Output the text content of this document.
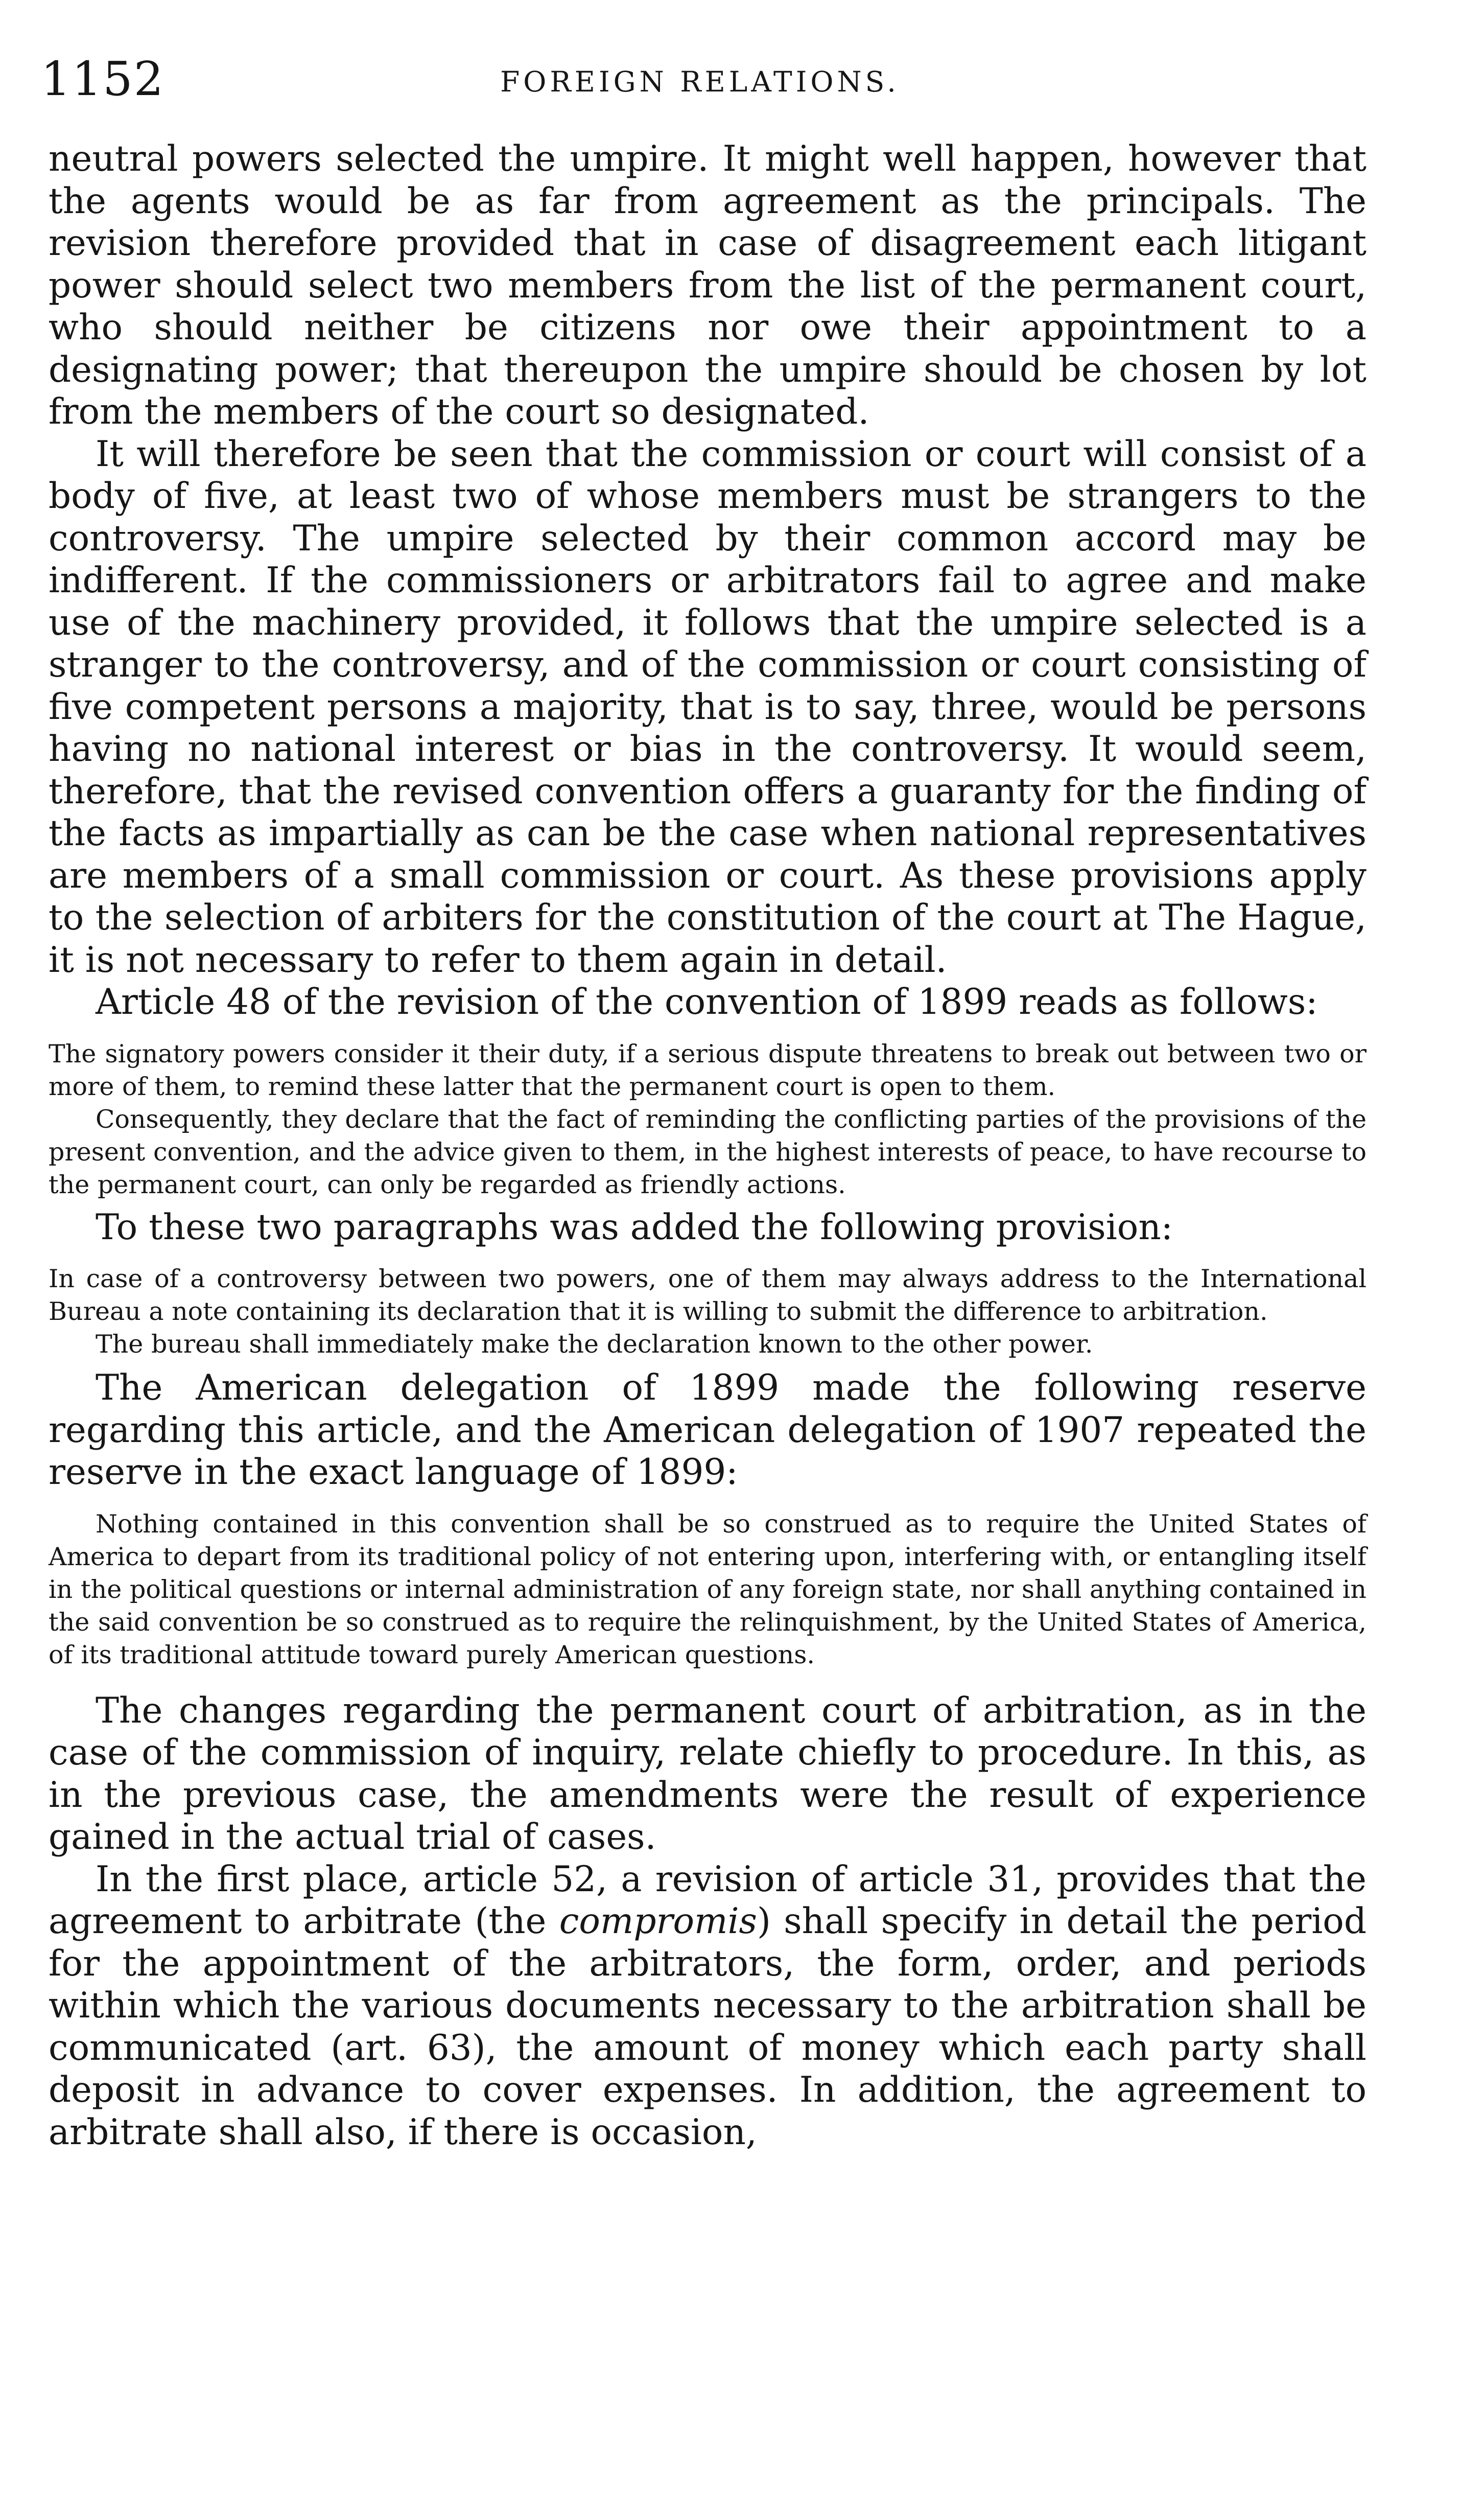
1152	FOREIGN RELATIONS.

neutral powers selected the umpire. It might well happen, however that the agents would be as far from agreement as the principals. The revision therefore provided that in case of disagreement each litigant power should select two members from the list of the permanent court, who should neither be citizens nor owe their appointment to a designating power; that thereupon the umpire should be chosen by lot from the members of the court so designated.

It will therefore be seen that the commission or court will consist of a body of five, at least two of whose members must be strangers to the controversy. The umpire selected by their common accord may be indifferent. If the commissioners or arbitrators fail to agree and make use of the machinery provided, it follows that the umpire selected is a stranger to the controversy, and of the commission or court consisting of five competent persons a majority, that is to say, three, would be persons having no national interest or bias in the controversy. It would seem, therefore, that the revised convention offers a guaranty for the finding of the facts as impartially as can be the case when national representatives are members of a small commission or court. As these provisions apply to the selection of arbiters for the constitution of the court at The Hague, it is not necessary to refer to them again in detail.

Article 48 of the revision of the convention of 1899 reads as follows:

The signatory powers consider it their duty, if a serious dispute threatens to break out between two or more of them, to remind these latter that the permanent court is open to them.

Consequently, they declare that the fact of reminding the conflicting parties of the provisions of the present convention, and the advice given to them, in the highest interests of peace, to have recourse to the permanent court, can only be regarded as friendly actions.

To these two paragraphs was added the following provision:

In case of a controversy between two powers, one of them may always address to the International Bureau a note containing its declaration that it is willing to submit the difference to arbitration.

The bureau shall immediately make the declaration known to the other power.

The American delegation of 1899 made the following reserve regarding this article, and the American delegation of 1907 repeated the reserve in the exact language of 1899:

Nothing contained in this convention shall be so construed as to require the United States of America to depart from its traditional policy of not entering upon, interfering with, or entangling itself in the political questions or internal administration of any foreign state, nor shall anything contained in the said convention be so construed as to require the relinquishment, by the United States of America, of its traditional attitude toward purely American questions.

The changes regarding the permanent court of arbitration, as in the case of the commission of inquiry, relate chiefly to procedure. In this, as in the previous case, the amendments were the result of experience gained in the actual trial of cases.

In the first place, article 52, a revision of article 31, provides that the agreement to arbitrate (the compromis) shall specify in detail the period for the appointment of the arbitrators, the form, order, and periods within which the various documents necessary to the arbitration shall be communicated (art. 63), the amount of money which each party shall deposit in advance to cover expenses. In addition, the agreement to arbitrate shall also, if there is occasion,
